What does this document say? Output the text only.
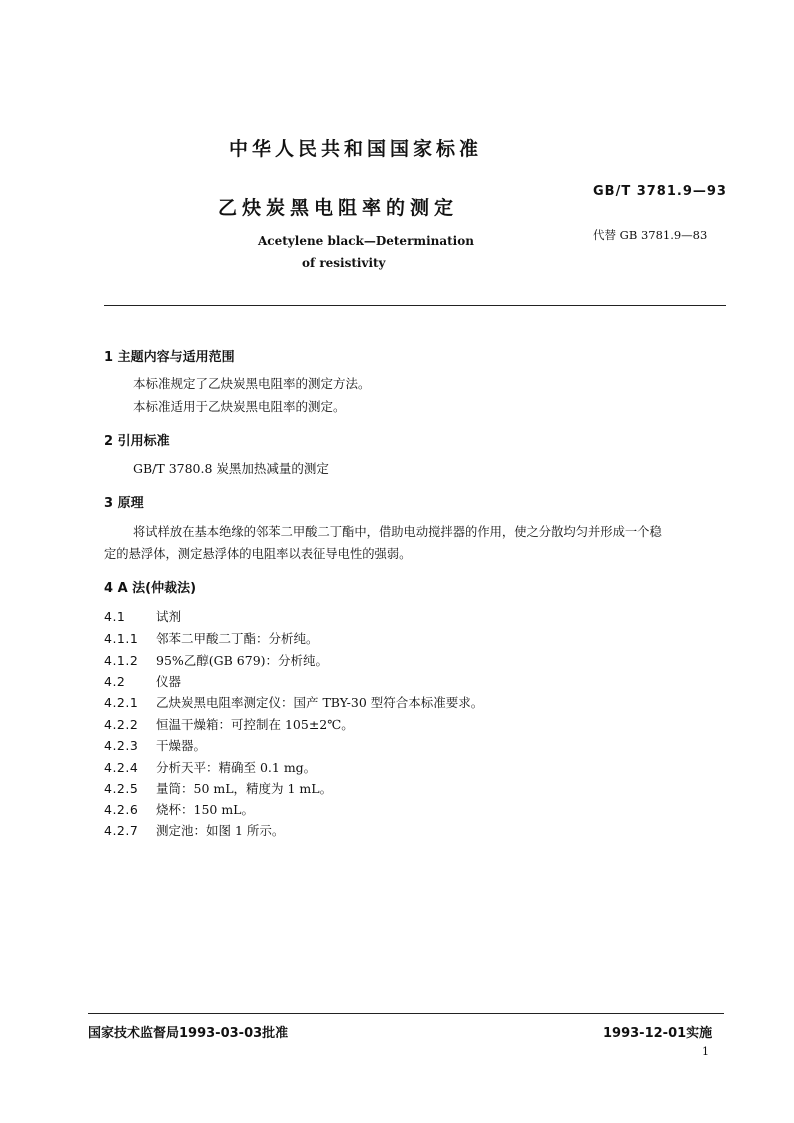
中华人民共和国国家标准
乙炔炭黑电阻率的测定
GB/T 3781.9—93
代替 GB 3781.9—83
Acetylene black—Determination
of resistivity
1 主题内容与适用范围
本标准规定了乙炔炭黑电阻率的测定方法。
本标准适用于乙炔炭黑电阻率的测定。
2 引用标准
GB/T 3780.8 炭黑加热减量的测定
3 原理
将试样放在基本绝缘的邻苯二甲酸二丁酯中，借助电动搅拌器的作用，使之分散均匀并形成一个稳
定的悬浮体，测定悬浮体的电阻率以表征导电性的强弱。
4 A 法(仲裁法)
4.1 试剂
4.1.1 邻苯二甲酸二丁酯：分析纯。
4.1.2 95%乙醇(GB 679)：分析纯。
4.2 仪器
4.2.1 乙炔炭黑电阻率测定仪：国产 TBY-30 型符合本标准要求。
4.2.2 恒温干燥箱：可控制在 105±2℃。
4.2.3 干燥器。
4.2.4 分析天平：精确至 0.1 mg。
4.2.5 量筒：50 mL，精度为 1 mL。
4.2.6 烧杯：150 mL。
4.2.7 测定池：如图 1 所示。
国家技术监督局1993-03-03批准	1993-12-01实施
1
